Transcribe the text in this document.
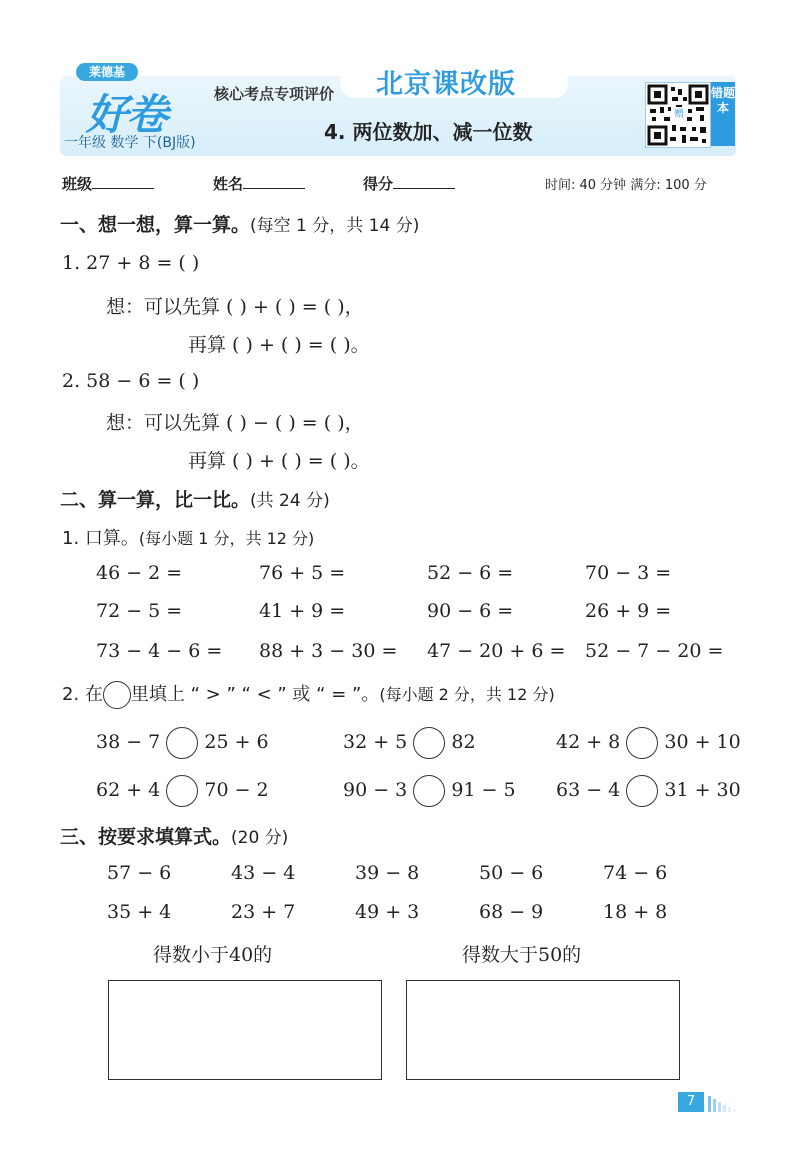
莱德基
好卷
一年级 数学 下(BJ版)
核心考点专项评价 北京课改版
4. 两位数加、减一位数
赠
错题本
班级	姓名	得分	时间: 40 分钟 满分: 100 分
一、想一想，算一算。(每空 1 分，共 14 分)
1. 27 + 8 = ( )
想：可以先算 ( ) + ( ) = ( )，
再算 ( ) + ( ) = ( )。
2. 58 − 6 = ( )
想：可以先算 ( ) − ( ) = ( )，
再算 ( ) + ( ) = ( )。
二、算一算，比一比。(共 24 分)
1. 口算。(每小题 1 分，共 12 分)
46 − 2 =	76 + 5 =	52 − 6 =	70 − 3 =
72 − 5 =	41 + 9 =	90 − 6 =	26 + 9 =
73 − 4 − 6 = 88 + 3 − 30 = 47 − 20 + 6 = 52 − 7 − 20 =
2. 在 里填上 “ > ” “ < ” 或 “ = ”。(每小题 2 分，共 12 分)
38 − 7 25 + 6	32 + 5 82	42 + 8 30 + 10
62 + 4 70 − 2	90 − 3 91 − 5 63 − 4 31 + 30
三、按要求填算式。(20 分)
57 − 6	43 − 4	39 − 8	50 − 6	74 − 6
35 + 4	23 + 7	49 + 3	68 − 9	18 + 8
得数小于40的	得数大于50的
7
